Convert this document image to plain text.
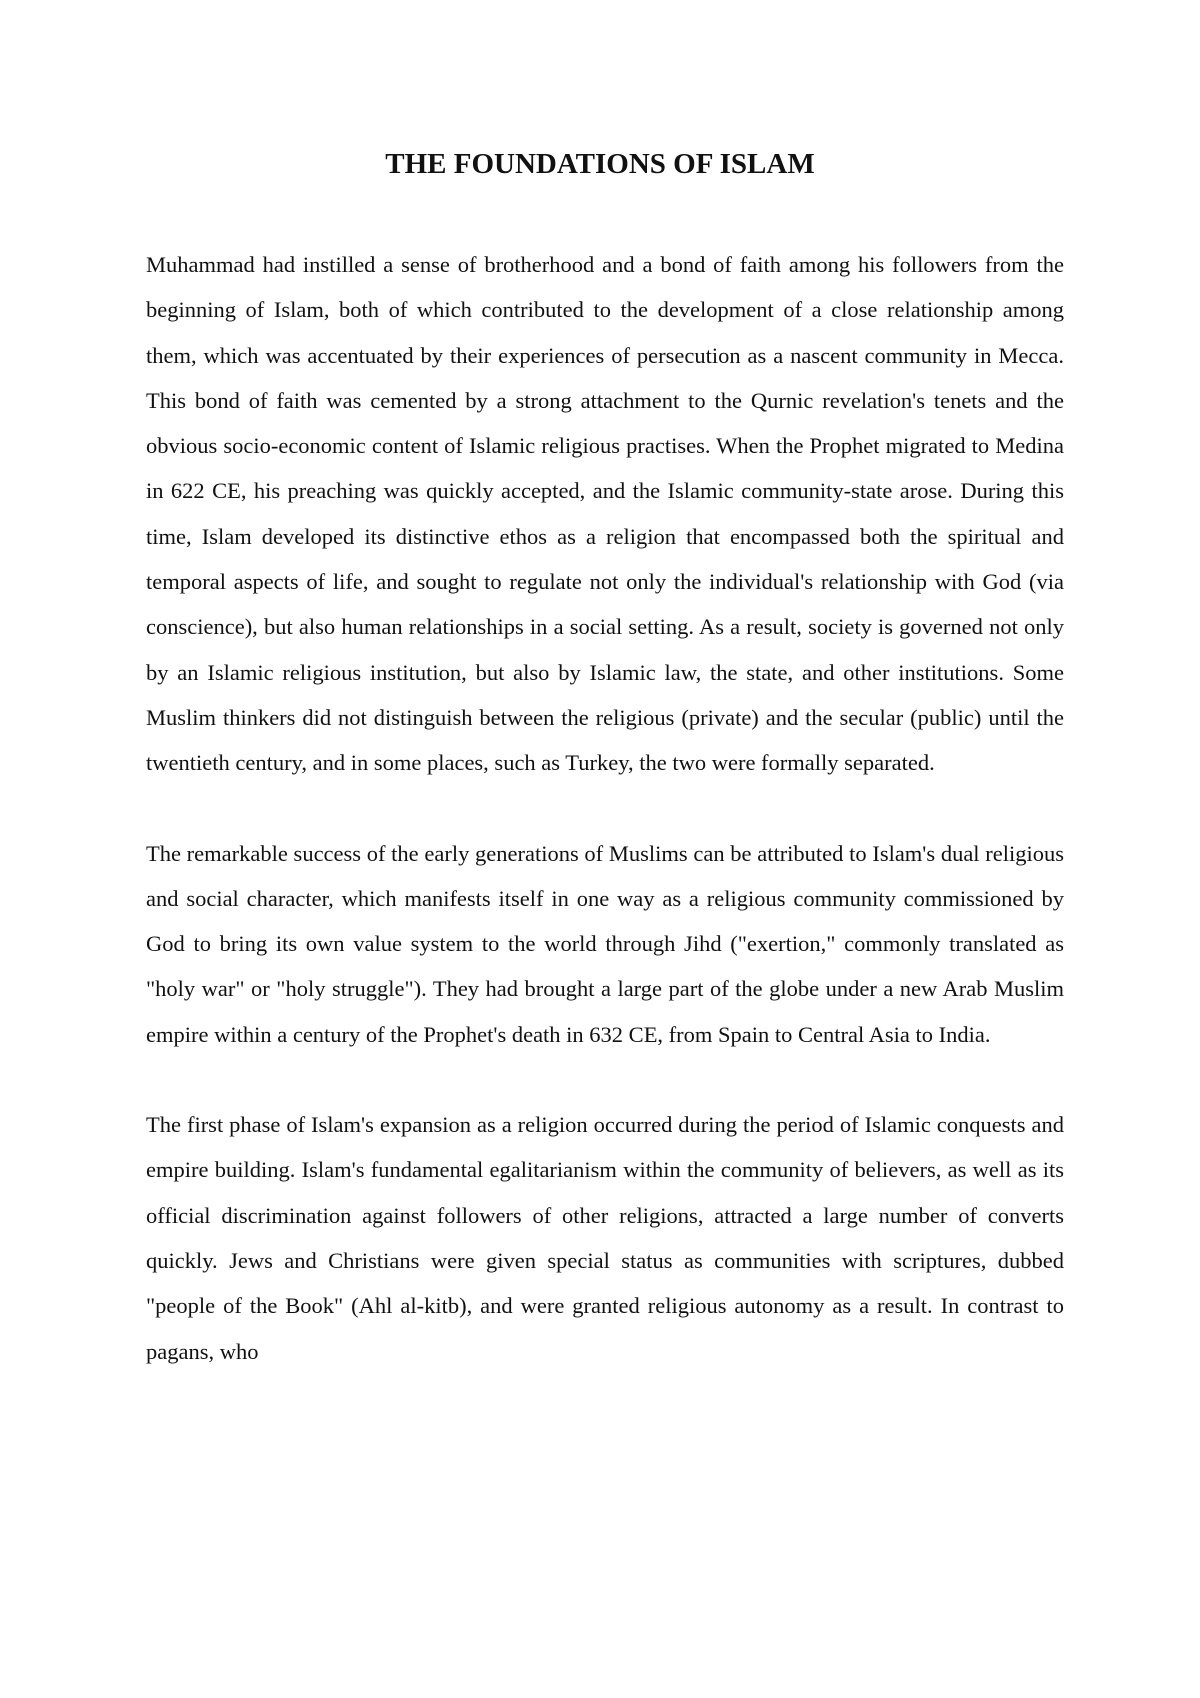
THE FOUNDATIONS OF ISLAM

Muhammad had instilled a sense of brotherhood and a bond of faith among his followers from the beginning of Islam, both of which contributed to the development of a close relationship among them, which was accentuated by their experiences of persecution as a nascent community in Mecca. This bond of faith was cemented by a strong attachment to the Qurnic revelation's tenets and the obvious socio-economic content of Islamic religious practises. When the Prophet migrated to Medina in 622 CE, his preaching was quickly accepted, and the Islamic community-state arose. During this time, Islam developed its distinctive ethos as a religion that encompassed both the spiritual and temporal aspects of life, and sought to regulate not only the individual's relationship with God (via conscience), but also human relationships in a social setting. As a result, society is governed not only by an Islamic religious institution, but also by Islamic law, the state, and other institutions. Some Muslim thinkers did not distinguish between the religious (private) and the secular (public) until the twentieth century, and in some places, such as Turkey, the two were formally separated.

The remarkable success of the early generations of Muslims can be attributed to Islam's dual religious and social character, which manifests itself in one way as a religious community commissioned by God to bring its own value system to the world through Jihd ("exertion," commonly translated as "holy war" or "holy struggle"). They had brought a large part of the globe under a new Arab Muslim empire within a century of the Prophet's death in 632 CE, from Spain to Central Asia to India.

The first phase of Islam's expansion as a religion occurred during the period of Islamic conquests and empire building. Islam's fundamental egalitarianism within the community of believers, as well as its official discrimination against followers of other religions, attracted a large number of converts quickly. Jews and Christians were given special status as communities with scriptures, dubbed "people of the Book" (Ahl al-kitb), and were granted religious autonomy as a result. In contrast to pagans, who
